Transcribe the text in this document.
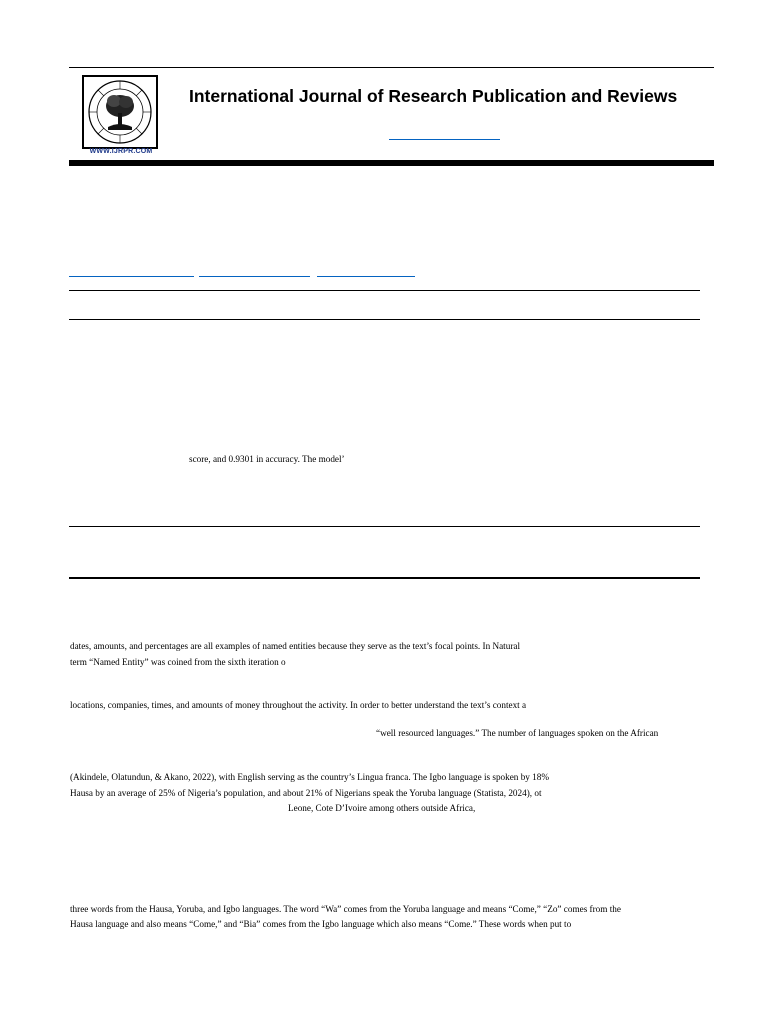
WWW.IJRPR.COM
International Journal of Research Publication and Reviews
score, and 0.9301 in accuracy. The model’
dates, amounts, and percentages are all examples of named entities because they serve as the text’s focal points. In Natural
term “Named Entity” was coined from the sixth iteration o
locations, companies, times, and amounts of money throughout the activity. In order to better understand the text’s context a
“well resourced languages.” The number of languages spoken on the African
(Akindele, Olatundun, & Akano, 2022), with English serving as the country’s Lingua franca. The Igbo language is spoken by 18%
Hausa by an average of 25% of Nigeria’s population, and about 21% of Nigerians speak the Yoruba language (Statista, 2024), ot
Leone, Cote D’Ivoire among others outside Africa,
three words from the Hausa, Yoruba, and Igbo languages. The word “Wa” comes from the Yoruba language and means “Come,” “Zo” comes from the
Hausa language and also means “Come,” and “Bia” comes from the Igbo language which also means “Come.” These words when put to
